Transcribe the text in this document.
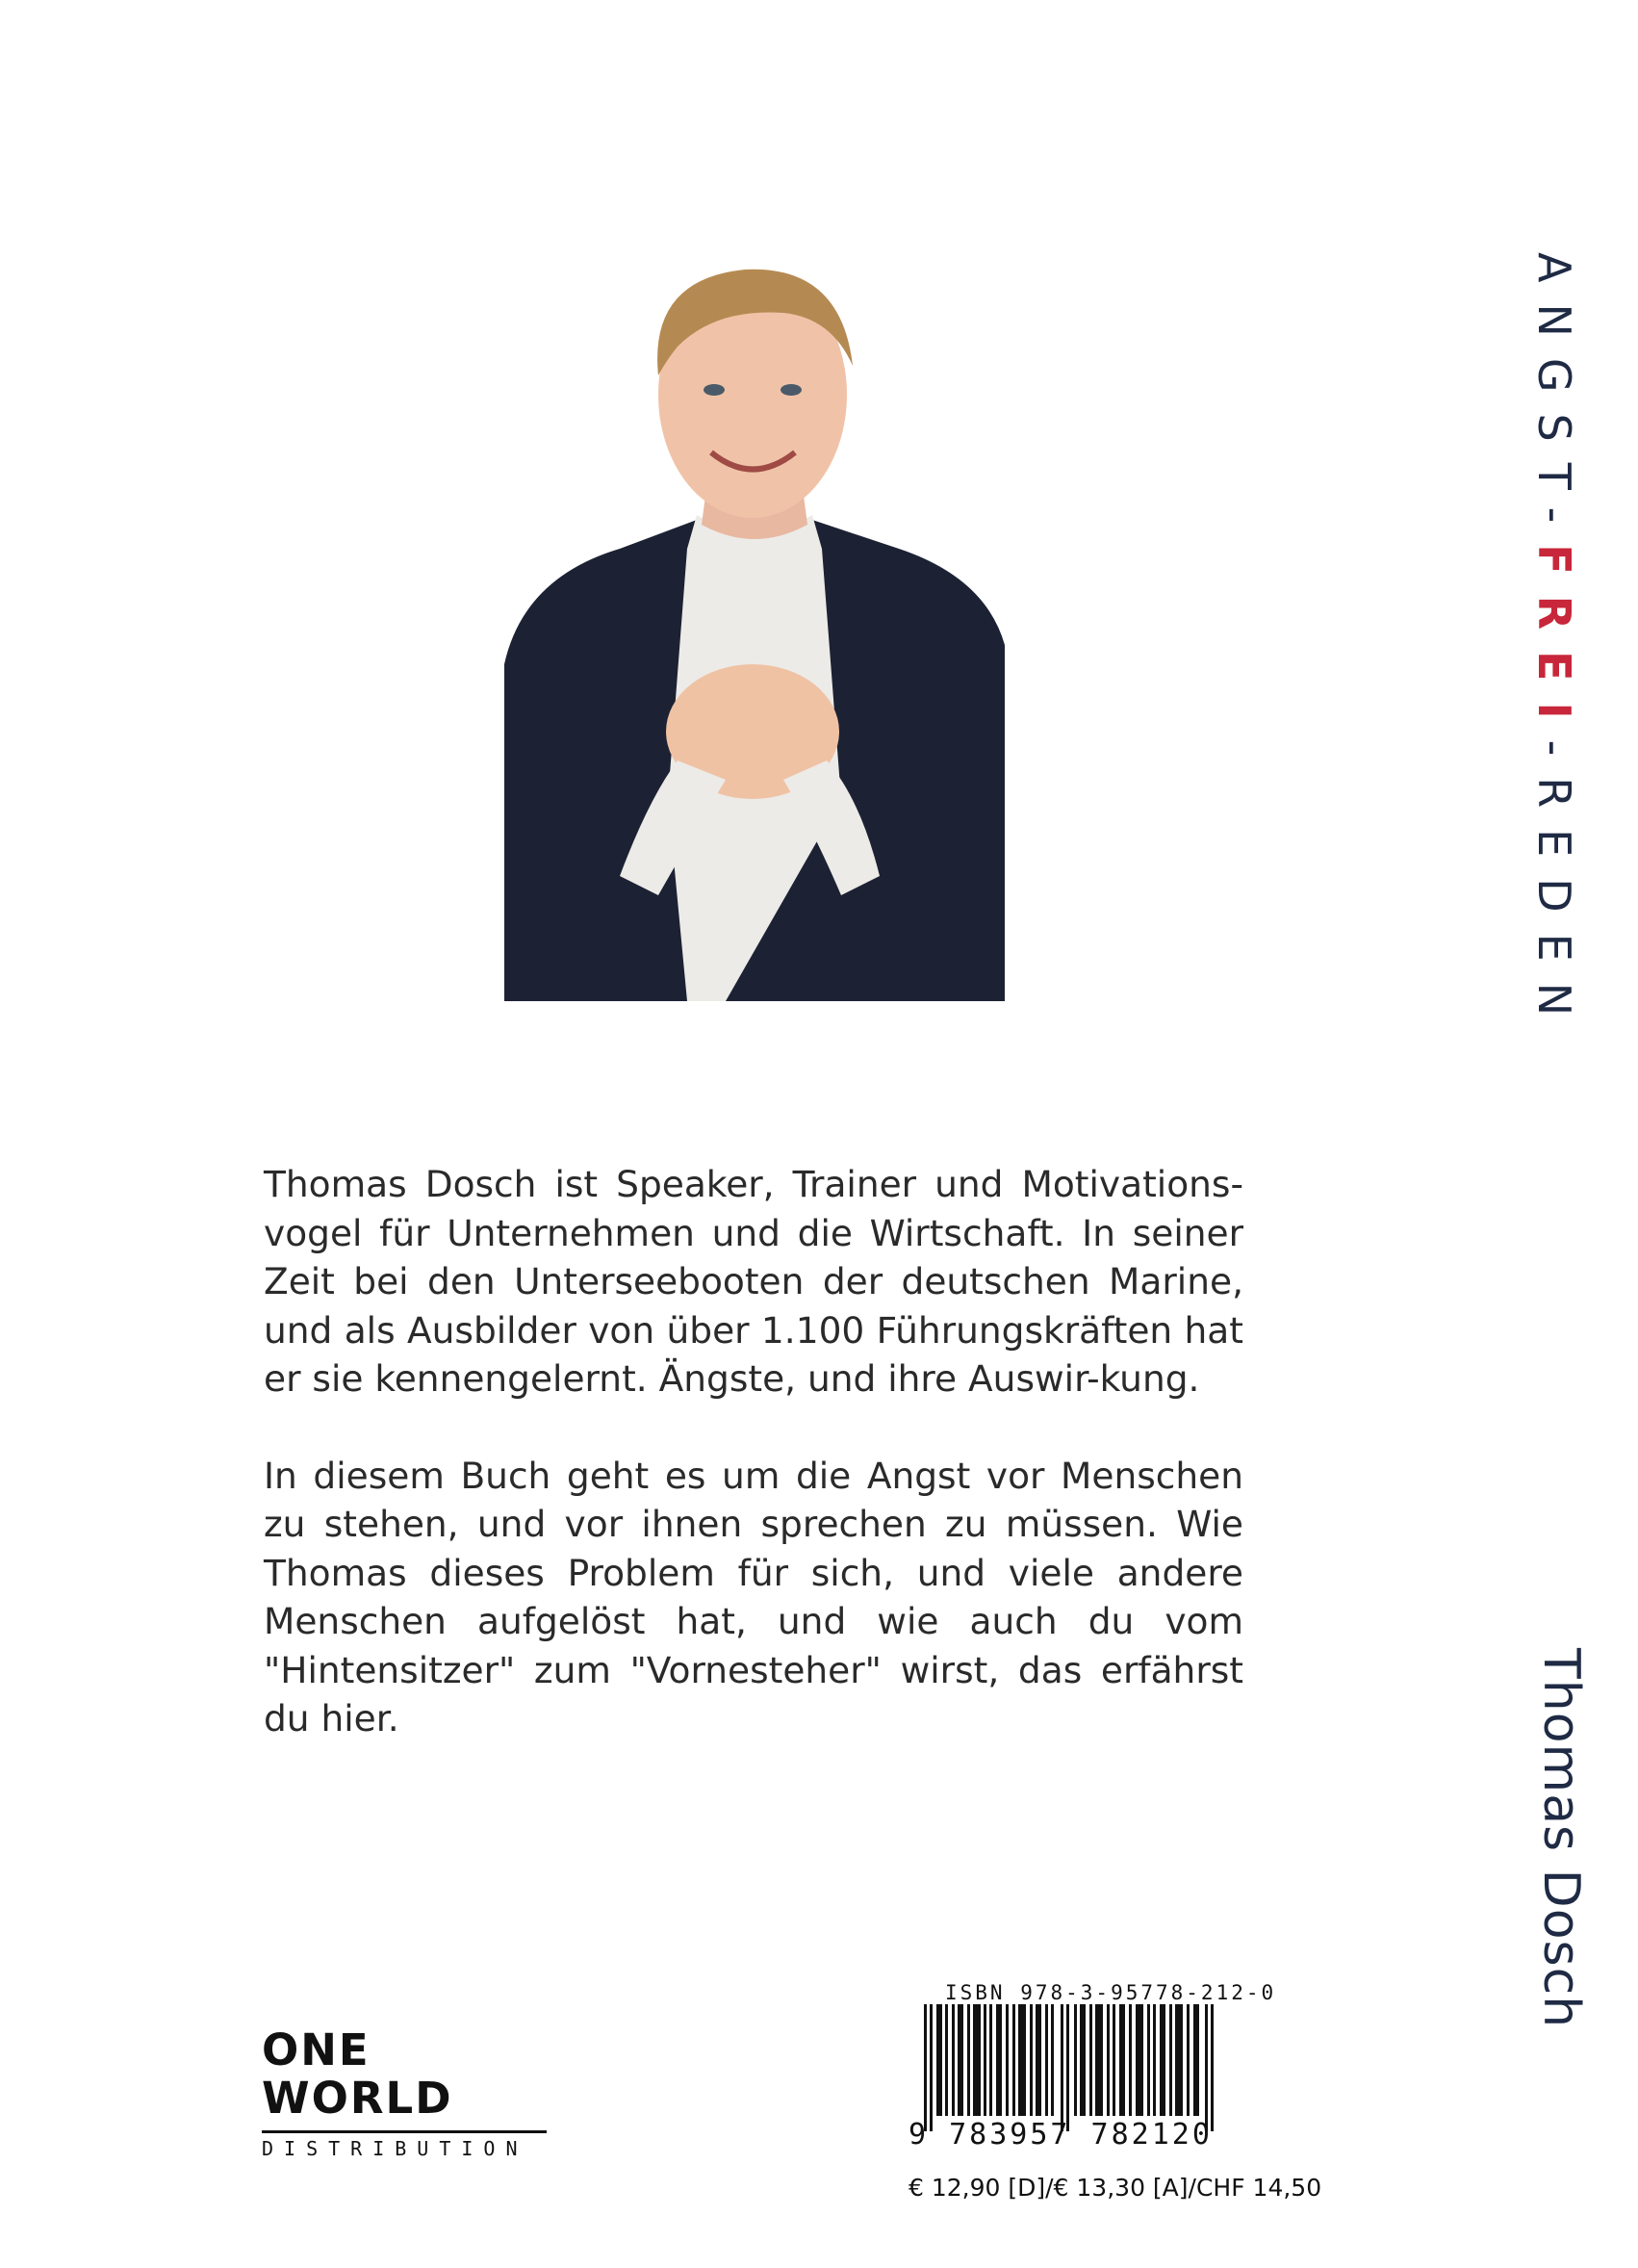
Thomas Dosch ist Speaker, Trainer und Motivations-vogel für Unternehmen und die Wirtschaft. In seiner Zeit bei den Unterseebooten der deutschen Marine, und als Ausbilder von über 1.100 Führungskräften hat er sie kennengelernt. Ängste, und ihre Auswir-kung.

In diesem Buch geht es um die Angst vor Menschen zu stehen, und vor ihnen sprechen zu müssen. Wie Thomas dieses Problem für sich, und viele andere Menschen aufgelöst hat, und wie auch du vom "Hintensitzer" zum "Vornesteher" wirst, das erfährst du hier.

ANGST-FREI-REDEN
Thomas Dosch
ONE WORLD
DISTRIBUTION
ISBN 978-3-95778-212-0
9 783957 782120
€ 12,90 [D]/€ 13,30 [A]/CHF 14,50
